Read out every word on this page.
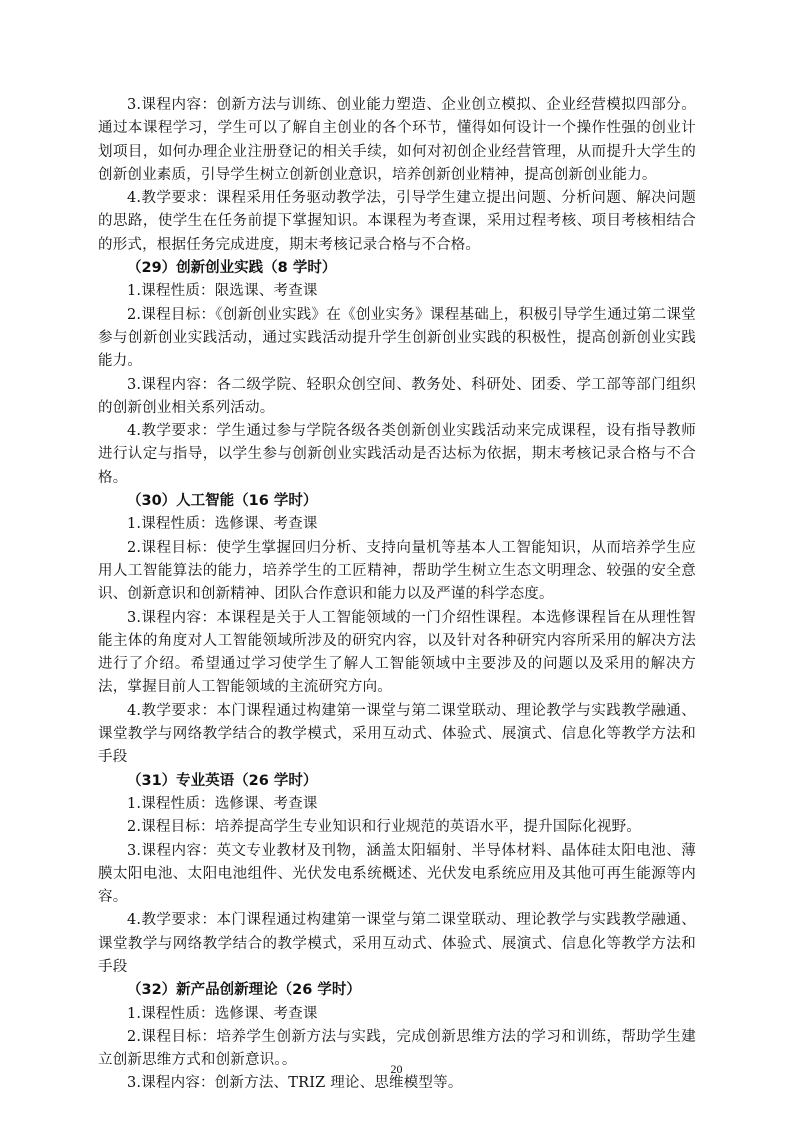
3.课程内容：创新方法与训练、创业能力塑造、企业创立模拟、企业经营模拟四部分。通过本课程学习，学生可以了解自主创业的各个环节，懂得如何设计一个操作性强的创业计划项目，如何办理企业注册登记的相关手续，如何对初创企业经营管理，从而提升大学生的创新创业素质，引导学生树立创新创业意识，培养创新创业精神，提高创新创业能力。

4.教学要求：课程采用任务驱动教学法，引导学生建立提出问题、分析问题、解决问题的思路，使学生在任务前提下掌握知识。本课程为考查课，采用过程考核、项目考核相结合的形式，根据任务完成进度，期末考核记录合格与不合格。

（29）创新创业实践（8 学时）

1.课程性质：限选课、考查课

2.课程目标：《创新创业实践》在《创业实务》课程基础上，积极引导学生通过第二课堂参与创新创业实践活动，通过实践活动提升学生创新创业实践的积极性，提高创新创业实践能力。

3.课程内容：各二级学院、轻职众创空间、教务处、科研处、团委、学工部等部门组织的创新创业相关系列活动。

4.教学要求：学生通过参与学院各级各类创新创业实践活动来完成课程，设有指导教师进行认定与指导，以学生参与创新创业实践活动是否达标为依据，期末考核记录合格与不合格。

（30）人工智能（16 学时）

1.课程性质：选修课、考查课

2.课程目标：使学生掌握回归分析、支持向量机等基本人工智能知识，从而培养学生应用人工智能算法的能力，培养学生的工匠精神，帮助学生树立生态文明理念、较强的安全意识、创新意识和创新精神、团队合作意识和能力以及严谨的科学态度。

3.课程内容：本课程是关于人工智能领域的一门介绍性课程。本选修课程旨在从理性智能主体的角度对人工智能领域所涉及的研究内容，以及针对各种研究内容所采用的解决方法进行了介绍。希望通过学习使学生了解人工智能领域中主要涉及的问题以及采用的解决方法，掌握目前人工智能领域的主流研究方向。

4.教学要求：本门课程通过构建第一课堂与第二课堂联动、理论教学与实践教学融通、课堂教学与网络教学结合的教学模式，采用互动式、体验式、展演式、信息化等教学方法和手段

（31）专业英语（26 学时）

1.课程性质：选修课、考查课

2.课程目标：培养提高学生专业知识和行业规范的英语水平，提升国际化视野。

3.课程内容：英文专业教材及刊物，涵盖太阳辐射、半导体材料、晶体硅太阳电池、薄膜太阳电池、太阳电池组件、光伏发电系统概述、光伏发电系统应用及其他可再生能源等内容。

4.教学要求：本门课程通过构建第一课堂与第二课堂联动、理论教学与实践教学融通、课堂教学与网络教学结合的教学模式，采用互动式、体验式、展演式、信息化等教学方法和手段

（32）新产品创新理论（26 学时）

1.课程性质：选修课、考查课

2.课程目标：培养学生创新方法与实践，完成创新思维方法的学习和训练，帮助学生建立创新思维方式和创新意识。。

3.课程内容：创新方法、TRIZ 理论、思维模型等。

20
